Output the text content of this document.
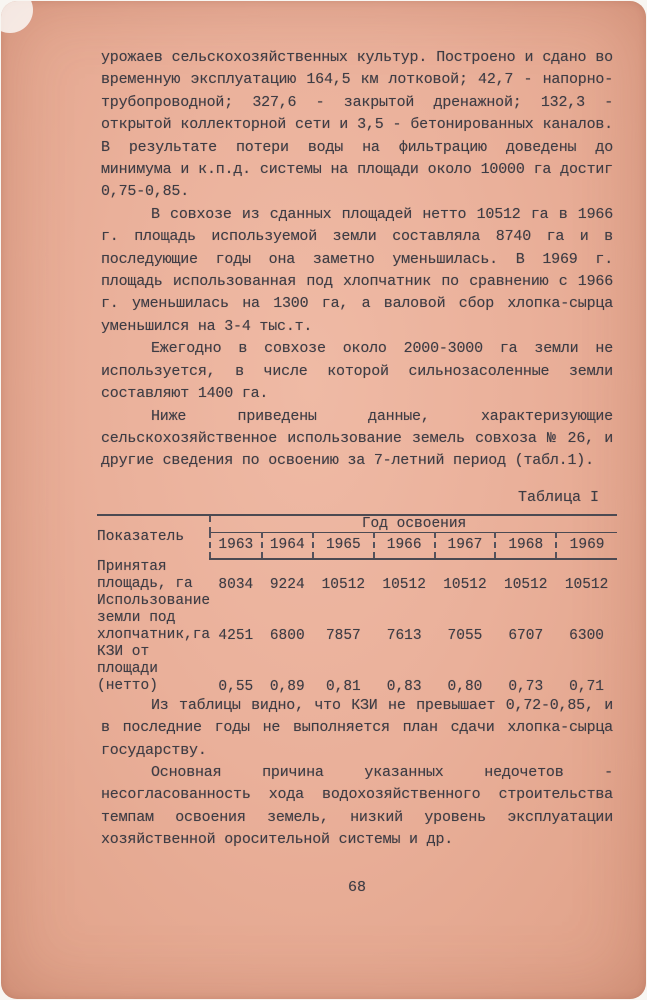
урожаев сельскохозяйственных культур. Построено и сдано во временную эксплуатацию 164,5 км лотковой; 42,7 - напорно-трубопроводной; 327,6 - закрытой дренажной; 132,3 - открытой коллекторной сети и 3,5 - бетонированных каналов. В результате потери воды на фильтрацию доведены до минимума и к.п.д. системы на площади около 10000 га достиг 0,75-0,85.

В совхозе из сданных площадей нетто 10512 га в 1966 г. площадь используемой земли составляла 8740 га и в последующие годы она заметно уменьшилась. В 1969 г. площадь использованная под хлопчатник по сравнению с 1966 г. уменьшилась на 1300 га, а валовой сбор хлопка-сырца уменьшился на 3-4 тыс.т.

Ежегодно в совхозе около 2000-3000 га земли не используется, в числе которой сильнозасоленные земли составляют 1400 га.

Ниже приведены данные, характеризующие сельскохозяйственное использование земель совхоза № 26, и другие сведения по освоению за 7-летний период (табл.1).

Таблица I
Показатель	Год освоения						
	1963	1964	1965	1966	1967	1968	1969
Принятая площадь, га	8034	9224	10512	10512	10512	10512	10512
Использование земли под хлопчатник,га	4251	6800	7857	7613	7055	6707	6300
КЗИ от площади (нетто)	0,55	0,89	0,81	0,83	0,80	0,73	0,71

Из таблицы видно, что КЗИ не превышает 0,72-0,85, и в последние годы не выполняется план сдачи хлопка-сырца государству.

Основная причина указанных недочетов - несогласованность хода водохозяйственного строительства темпам освоения земель, низкий уровень эксплуатации хозяйственной оросительной системы и др.

68
